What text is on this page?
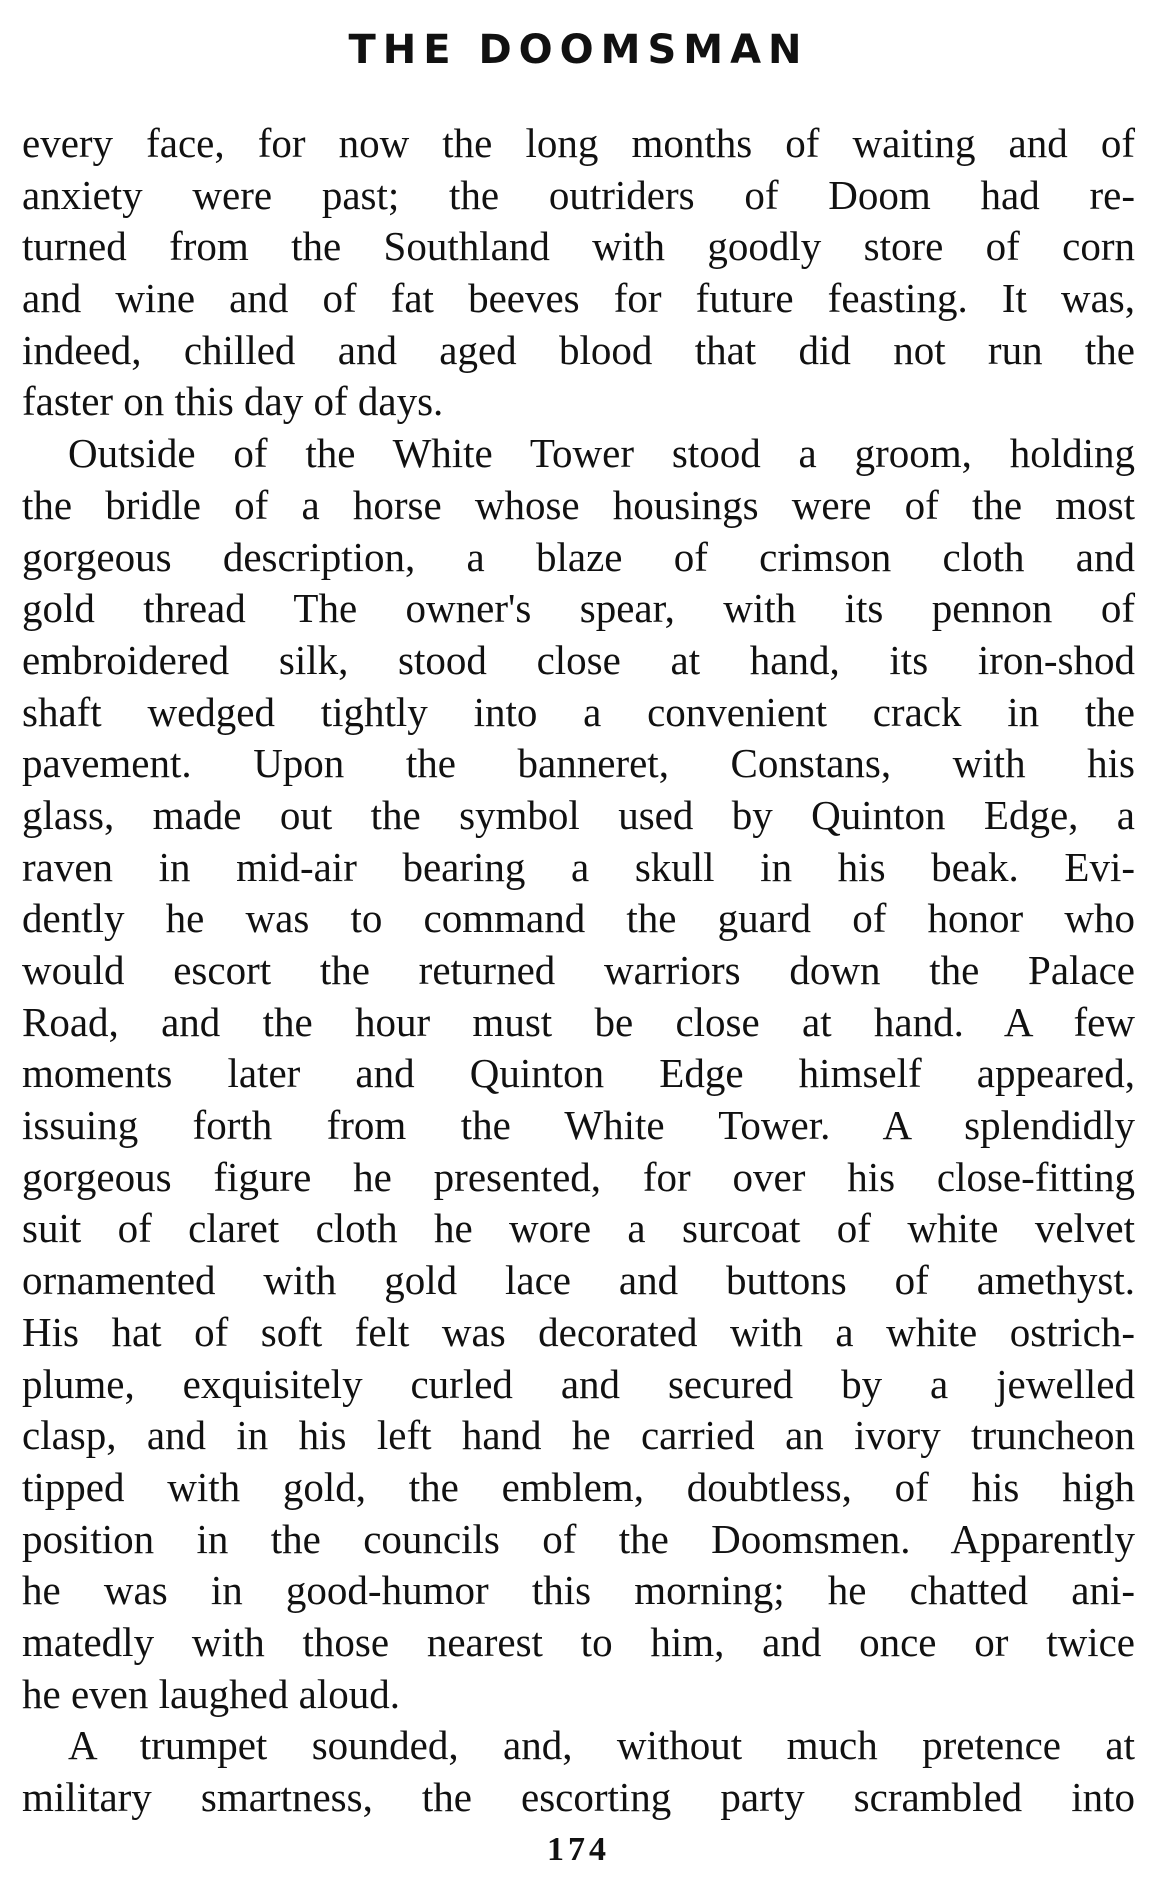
THE DOOMSMAN
every face, for now the long months of waiting and of
anxiety were past; the outriders of Doom had re-
turned from the Southland with goodly store of corn
and wine and of fat beeves for future feasting. It was,
indeed, chilled and aged blood that did not run the
faster on this day of days.
Outside of the White Tower stood a groom, holding
the bridle of a horse whose housings were of the most
gorgeous description, a blaze of crimson cloth and
gold thread The owner's spear, with its pennon of
embroidered silk, stood close at hand, its iron-shod
shaft wedged tightly into a convenient crack in the
pavement. Upon the banneret, Constans, with his
glass, made out the symbol used by Quinton Edge, a
raven in mid-air bearing a skull in his beak. Evi-
dently he was to command the guard of honor who
would escort the returned warriors down the Palace
Road, and the hour must be close at hand. A few
moments later and Quinton Edge himself appeared,
issuing forth from the White Tower. A splendidly
gorgeous figure he presented, for over his close-fitting
suit of claret cloth he wore a surcoat of white velvet
ornamented with gold lace and buttons of amethyst.
His hat of soft felt was decorated with a white ostrich-
plume, exquisitely curled and secured by a jewelled
clasp, and in his left hand he carried an ivory truncheon
tipped with gold, the emblem, doubtless, of his high
position in the councils of the Doomsmen. Apparently
he was in good-humor this morning; he chatted ani-
matedly with those nearest to him, and once or twice
he even laughed aloud.
A trumpet sounded, and, without much pretence at
military smartness, the escorting party scrambled into
174
